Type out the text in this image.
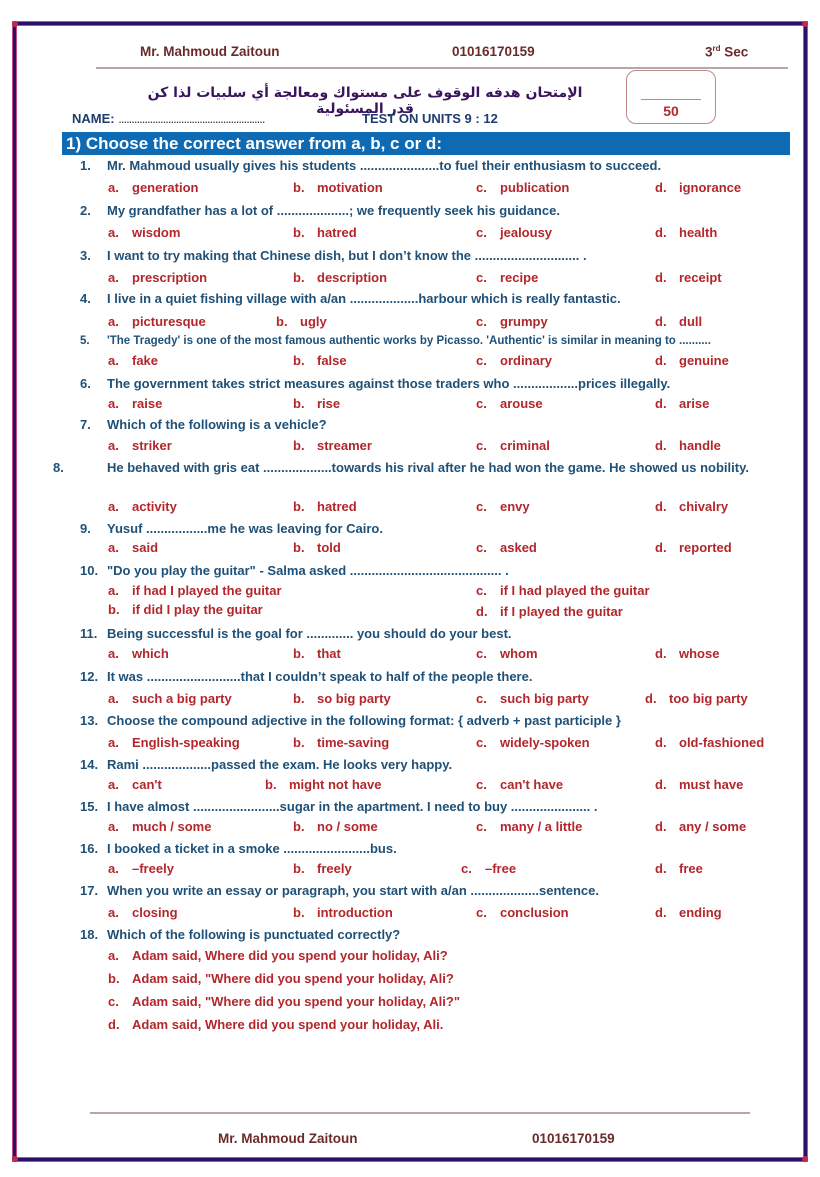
Mr. Mahmoud Zaitoun	01016170159	3rd Sec
الإمتحان هدفه الوقوف على مستواك ومعالجة أي سلبيات لذا كن قدر المسئولية
NAME: ........................................................	TEST ON UNITS 9 : 12	50
1) Choose the correct answer from a, b, c or d:
1. Mr. Mahmoud usually gives his students ......................to fuel their enthusiasm to succeed.
a. generation	b. motivation	c. publication	d. ignorance
2. My grandfather has a lot of ....................; we frequently seek his guidance.
a. wisdom	b. hatred	c. jealousy	d. health
3. I want to try making that Chinese dish, but I don’t know the ............................. .
a. prescription	b. description	c. recipe	d. receipt
4. I live in a quiet fishing village with a/an ...................harbour which is really fantastic.
a. picturesque	b. ugly	c. grumpy	d. dull
5. 'The Tragedy' is one of the most famous authentic works by Picasso. 'Authentic' is similar in meaning to ..........
a. fake	b. false	c. ordinary	d. genuine
6. The government takes strict measures against those traders who ..................prices illegally.
a. raise	b. rise	c. arouse	d. arise
7. Which of the following is a vehicle?
a. striker	b. streamer	c. criminal	d. handle
8.	He behaved with gris eat ...................towards his rival after he had won the game. He showed us nobility.
a. activity	b. hatred	c. envy	d. chivalry
9. Yusuf .................me he was leaving for Cairo.
a. said	b. told	c. asked	d. reported
10. "Do you play the guitar" - Salma asked .......................................... .
a. if had I played the guitar
b. if did I play the guitar
c. if I had played the guitar
d. if I played the guitar
11. Being successful is the goal for ............. you should do your best.
a. which	b. that	c. whom	d. whose
12. It was ..........................that I couldn’t speak to half of the people there.
a. such a big party	b. so big party	c. such big party	d. too big party
13. Choose the compound adjective in the following format: { adverb + past participle }
a. English-speaking	b. time-saving	c. widely-spoken	d. old-fashioned
14. Rami ...................passed the exam. He looks very happy.
a. can't	b. might not have	c. can't have	d. must have
15. I have almost ........................sugar in the apartment. I need to buy ...................... .
a. much / some	b. no / some	c. many / a little	d. any / some
16. I booked a ticket in a smoke ........................bus.
a. –freely	b. freely	c. –free	d. free
17. When you write an essay or paragraph, you start with a/an ...................sentence.
a. closing	b. introduction	c. conclusion	d. ending
18. Which of the following is punctuated correctly?
a. Adam said, Where did you spend your holiday, Ali?
b. Adam said, "Where did you spend your holiday, Ali?
c. Adam said, "Where did you spend your holiday, Ali?"
d. Adam said, Where did you spend your holiday, Ali.
Mr. Mahmoud Zaitoun	01016170159
